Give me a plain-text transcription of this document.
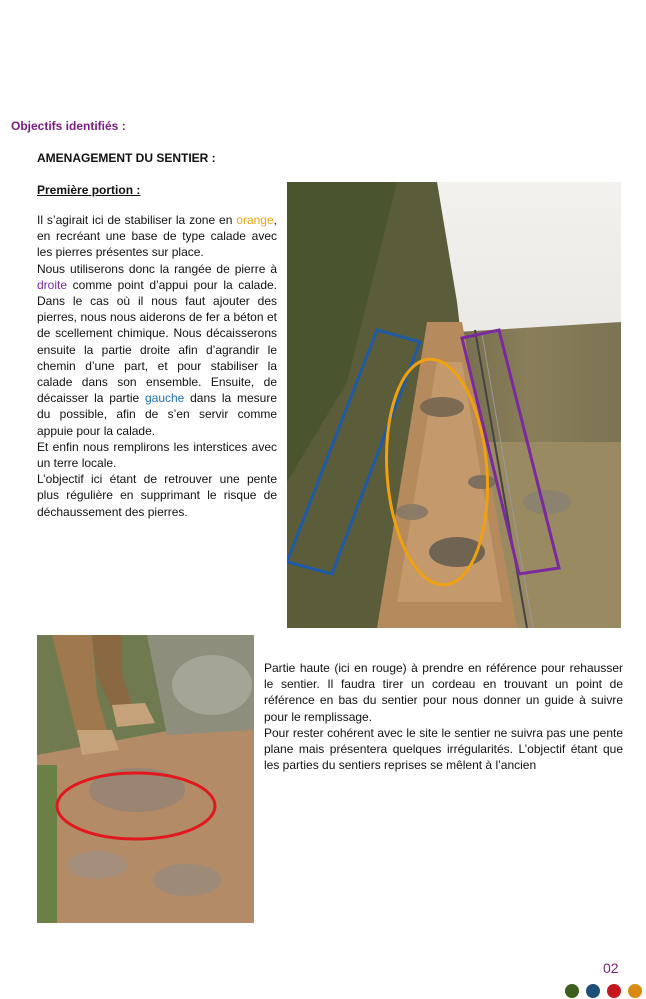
Objectifs identifiés :
AMENAGEMENT DU SENTIER :
Première portion :

Il s’agirait ici de stabiliser la zone en orange, en recréant une base de type calade avec les pierres présentes sur place.

Nous utiliserons donc la rangée de pierre à droite comme point d’appui pour la calade. Dans le cas où il nous faut ajouter des pierres, nous nous aiderons de fer a béton et de scellement chimique. Nous décaisserons ensuite la partie droite afin d’agrandir le chemin d’une part, et pour stabiliser la calade dans son ensemble. Ensuite, de décaisser la partie gauche dans la mesure du possible, afin de s’en servir comme appuie pour la calade.

Et enfin nous remplirons les interstices avec un terre locale.

L’objectif ici étant de retrouver une pente plus régulière en supprimant le risque de déchaussement des pierres.

Partie haute (ici en rouge) à prendre en référence pour rehausser le sentier. Il faudra tirer un cordeau en trouvant un point de référence en bas du sentier pour nous donner un guide à suivre pour le remplissage.

Pour rester cohérent avec le site le sentier ne suivra pas une pente plane mais présentera quelques irrégularités. L’objectif étant que les parties du sentiers reprises se mêlent à l’ancien

02
